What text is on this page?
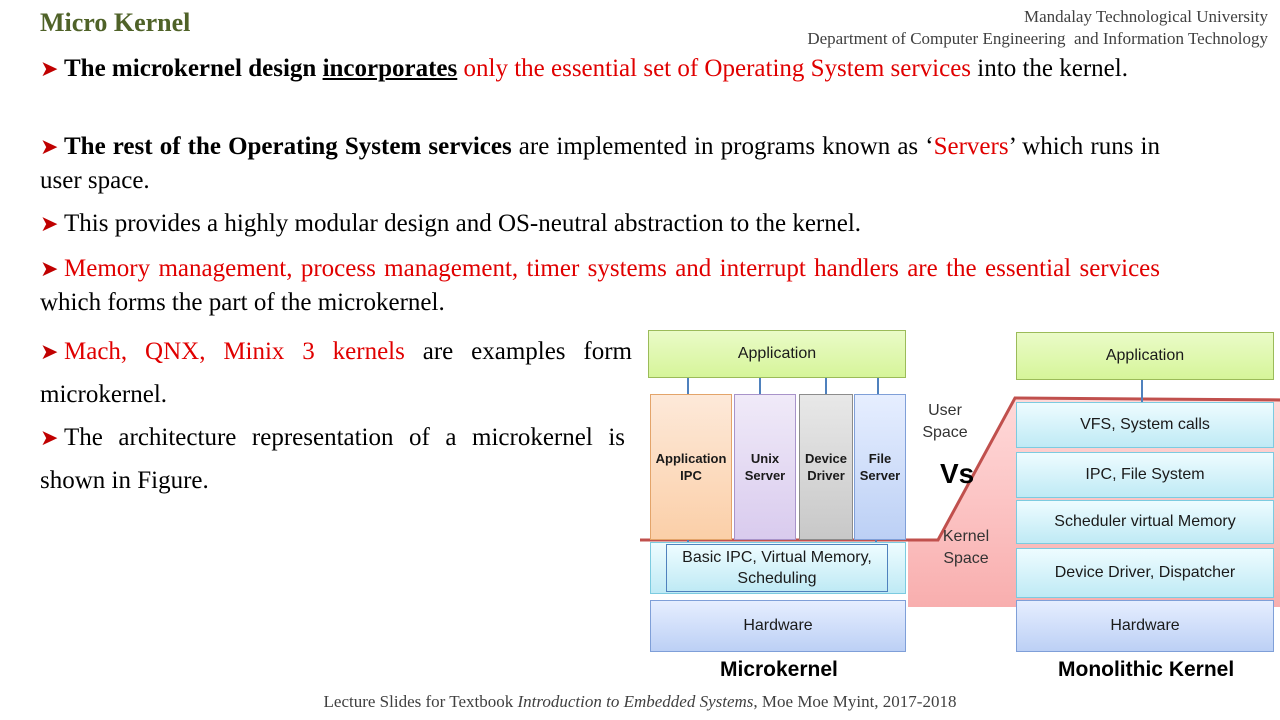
Micro Kernel	Mandalay Technological University
Department of Computer Engineering  and Information Technology
➤ The microkernel design incorporates only the essential set of Operating System services into the kernel.
➤ The rest of the Operating System services are implemented in programs known as ‘Servers’ which runs in user space.
➤ This provides a highly modular design and OS-neutral abstraction to the kernel.
➤ Memory management, process management, timer systems and interrupt handlers are the essential services which forms the part of the microkernel.
➤ Mach, QNX, Minix 3 kernels are examples form microkernel.
➤ The architecture representation of a microkernel is shown in Figure.
Application
Application IPC
Unix Server
Device Driver
File Server
Basic IPC, Virtual Memory, Scheduling
Hardware
Microkernel
User Space
Vs
Kernel Space
Application
VFS, System calls
IPC, File System
Scheduler virtual Memory
Device Driver, Dispatcher
Hardware
Monolithic Kernel
Lecture Slides for Textbook Introduction to Embedded Systems, Moe Moe Myint, 2017-2018
